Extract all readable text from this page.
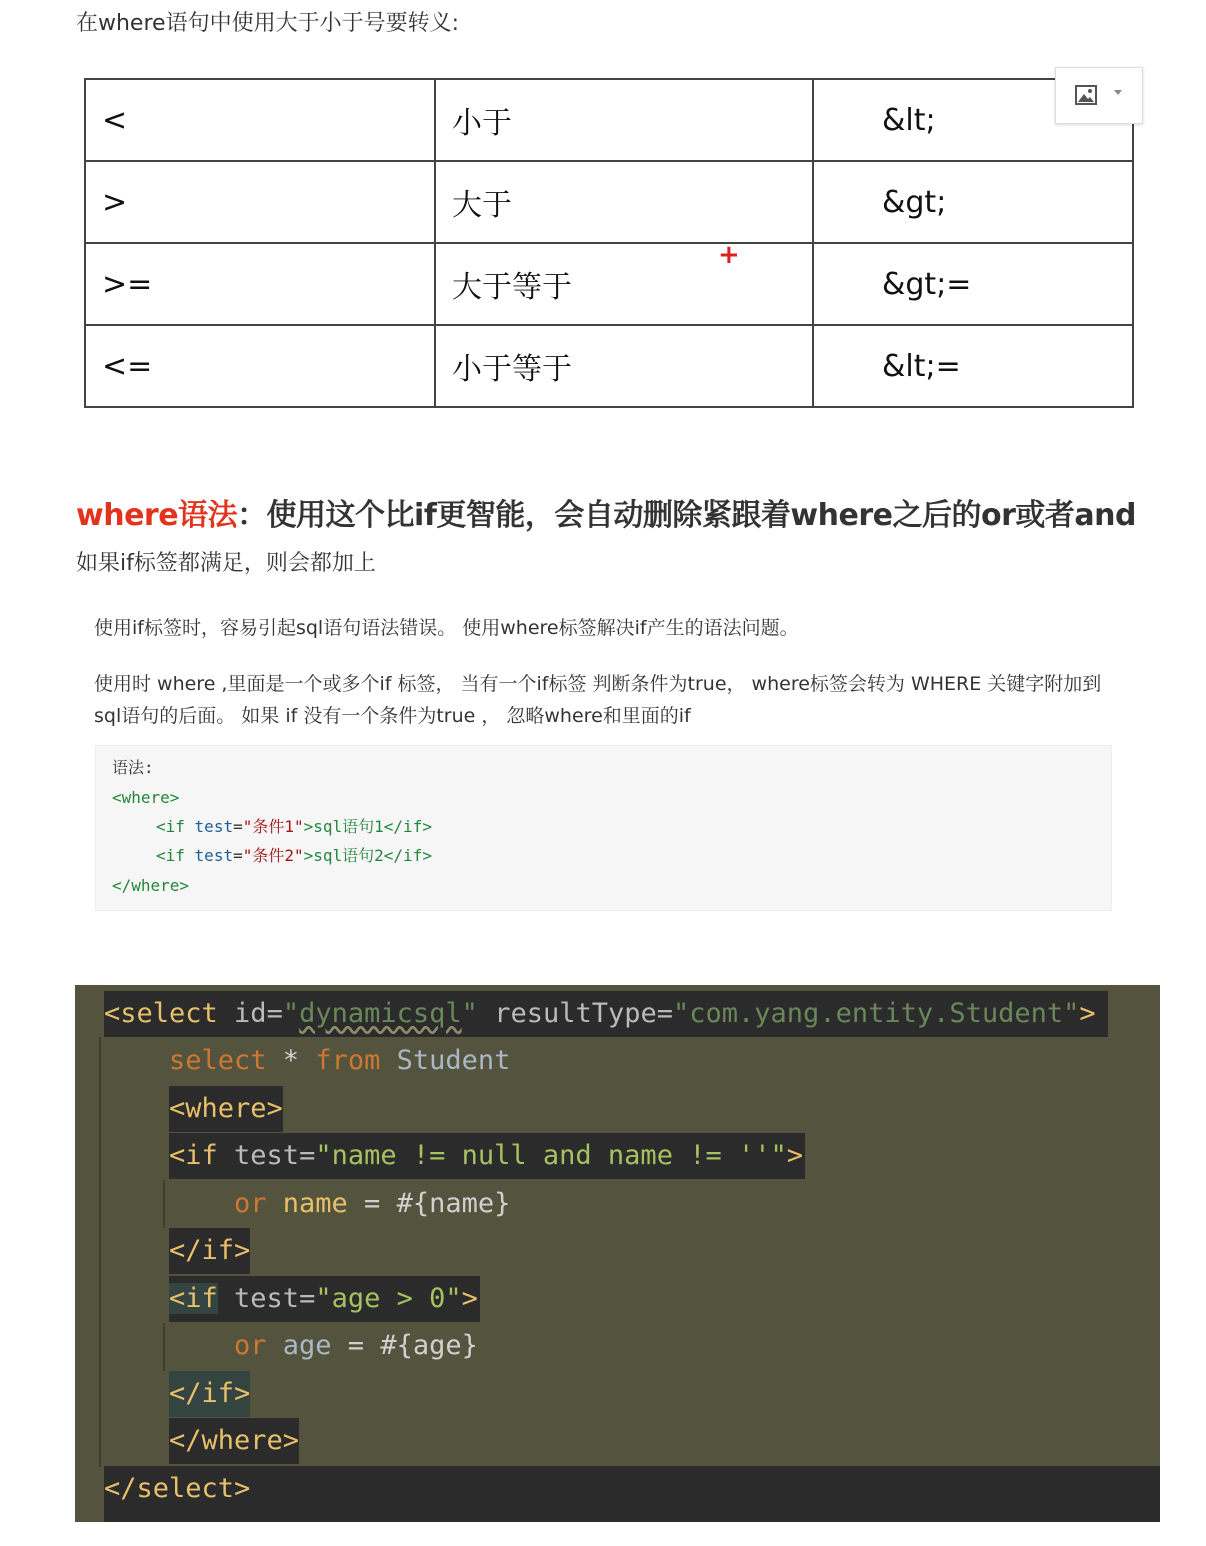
在where语句中使用大于小于号要转义:
<	小于	&lt;
>	大于	&gt;
>=	大于等于	&gt;=
<=	小于等于	&lt;=
+
where语法：使用这个比if更智能，会自动删除紧跟着where之后的or或者and
如果if标签都满足，则会都加上

使用if标签时，容易引起sql语句语法错误。 使用where标签解决if产生的语法问题。

使用时 where ,里面是一个或多个if 标签， 当有一个if标签 判断条件为true， where标签会转为 WHERE 关键字附加到sql语句的后面。 如果 if 没有一个条件为true ， 忽略where和里面的if

语法:
<where>
<if test="条件1">sql语句1</if>
<if test="条件2">sql语句2</if>
</where>
<select id="dynamicsql" resultType="com.yang.entity.Student">
select * from Student
<where>
<if test="name != null and name != ''">
or name = #{name}
</if>
<if test="age > 0">
or age = #{age}
</if>
</where>
</select>
